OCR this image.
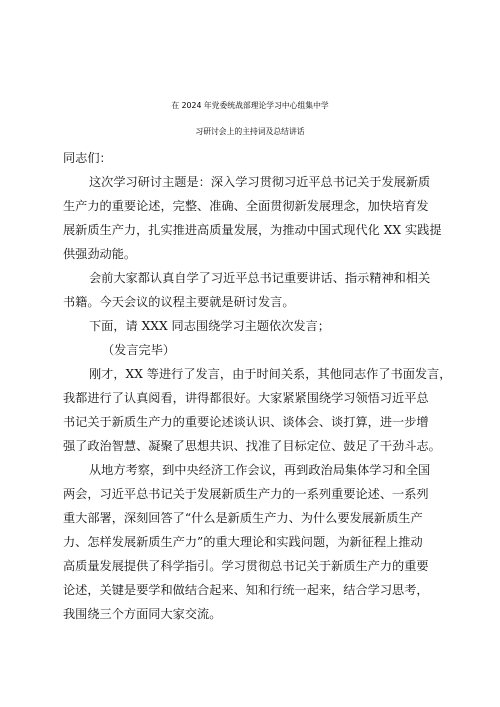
在 2024 年党委统战部理论学习中心组集中学
习研讨会上的主持词及总结讲话
同志们：
这次学习研讨主题是：深入学习贯彻习近平总书记关于发展新质
生产力的重要论述，完整、准确、全面贯彻新发展理念，加快培育发
展新质生产力，扎实推进高质量发展，为推动中国式现代化 XX 实践提
供强劲动能。
会前大家都认真自学了习近平总书记重要讲话、指示精神和相关
书籍。今天会议的议程主要就是研讨发言。
下面，请 XXX 同志围绕学习主题依次发言；
（发言完毕）
刚才，XX 等进行了发言，由于时间关系，其他同志作了书面发言，
我都进行了认真阅看，讲得都很好。大家紧紧围绕学习领悟习近平总
书记关于新质生产力的重要论述谈认识、谈体会、谈打算，进一步增
强了政治智慧、凝聚了思想共识、找准了目标定位、鼓足了干劲斗志。
从地方考察，到中央经济工作会议，再到政治局集体学习和全国
两会，习近平总书记关于发展新质生产力的一系列重要论述、一系列
重大部署，深刻回答了“什么是新质生产力、为什么要发展新质生产
力、怎样发展新质生产力”的重大理论和实践问题，为新征程上推动
高质量发展提供了科学指引。学习贯彻总书记关于新质生产力的重要
论述，关键是要学和做结合起来、知和行统一起来，结合学习思考，
我围绕三个方面同大家交流。
